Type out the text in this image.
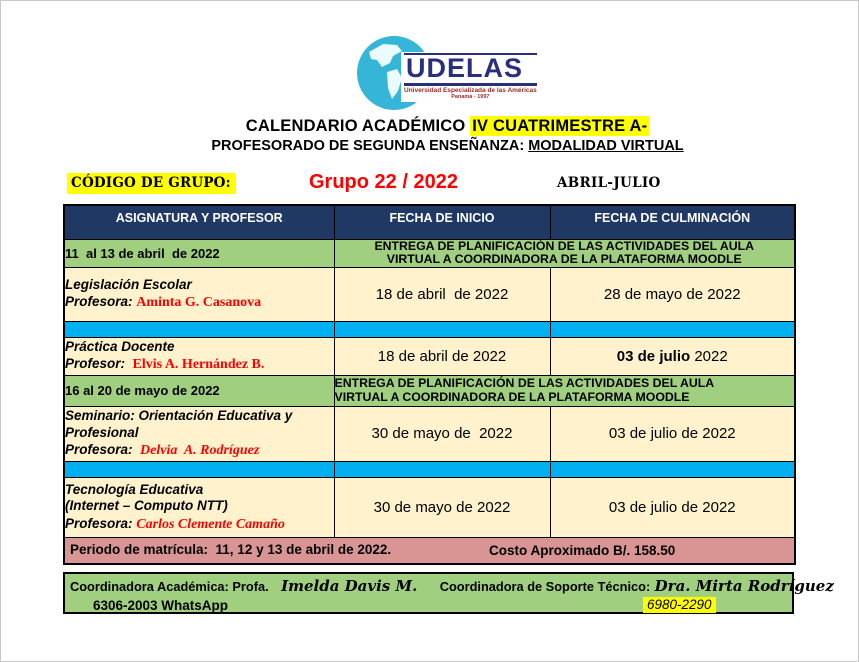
UDELAS
Universidad Especializada de las Américas
Panamá - 1997
CALENDARIO ACADÉMICO IV CUATRIMESTRE A-
PROFESORADO DE SEGUNDA ENSEÑANZA: MODALIDAD VIRTUAL
CÓDIGO DE GRUPO:	Grupo 22 / 2022	ABRIL-JULIO
ASIGNATURA Y PROFESOR	FECHA DE INICIO	FECHA DE CULMINACIÓN
11  al 13 de abril  de 2022	ENTREGA DE PLANIFICACIÓN DE LAS ACTIVIDADES DEL AULA
VIRTUAL A COORDINADORA DE LA PLATAFORMA MOODLE	

Legislación Escolar
Profesora: Aminta G. Casanova	18 de abril  de 2022	28 de mayo de 2022

Práctica Docente
Profesor: Elvis A. Hernández B.	18 de abril de 2022	03 de julio 2022
16 al 20 de mayo de 2022	ENTREGA DE PLANIFICACIÓN DE LAS ACTIVIDADES DEL AULA
VIRTUAL A COORDINADORA DE LA PLATAFORMA MOODLE	

Seminario: Orientación Educativa y Profesional
Profesora:  Delvia  A. Rodríguez	30 de mayo de  2022	03 de julio de 2022

Tecnología Educativa
(Internet – Computo NTT)
Profesora: Carlos Clemente Camaño	30 de mayo de 2022	03 de julio de 2022
Periodo de matrícula:  11, 12 y 13 de abril de 2022. Costo Aproximado B/. 158.50		
Coordinadora Académica: Profa. Imelda Davis M. Coordinadora de Soporte Técnico: Dra. Mirta Rodríguez
6306-2003 WhatsApp	6980-2290
